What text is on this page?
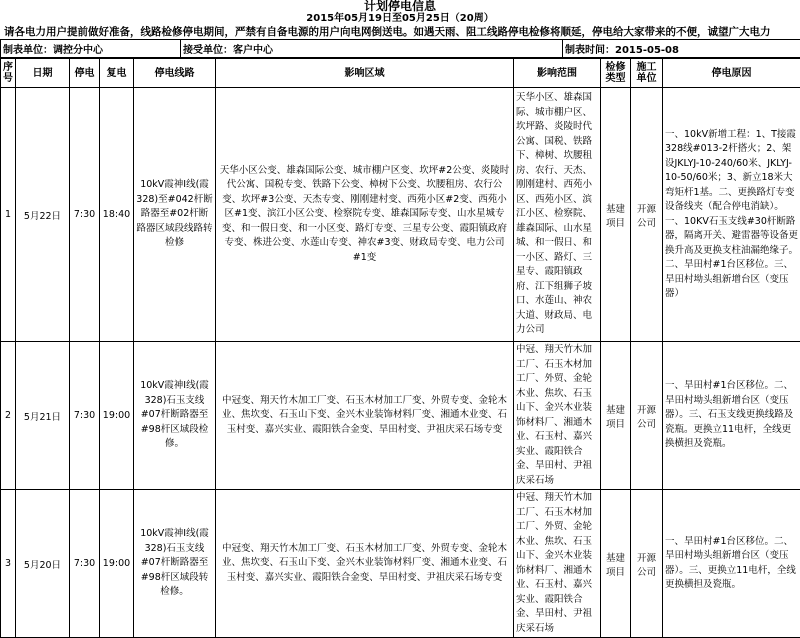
计划停电信息
2015年05月19日至05月25日（20周）
请各电力用户提前做好准备，线路检修停电期间，严禁有自备电源的用户向电网倒送电。如遇天雨、阻工线路停电检修将顺延，停电给大家带来的不便，诚望广大电力
制表单位：调控分中心	接受单位：客户中心	制表时间：2015-05-08
序号	日期	停电	复电	停电线路	影响区域	影响范围	检修类型	施工单位	停电原因
1	5月22日	7:30	18:40	10kV霞神I线(霞328)至#042杆断路器至#02杆断路器区域段线路转检修	天华小区公变、雄森国际公变、城市棚户区变、坎坪#2公变、炎陵时代公寓、国税专变、铁路下公变、樟树下公变、坎腰租房、农行公变、坎坪#3公变、天杰专变、刚刚建村变、西苑小区#2变、西苑小区#1变、滨江小区公变、检察院专变、雄森国际专变、山水星城专变、和一假日变、和一小区变、路灯专变、三星专公变、霞阳镇政府专变、株进公变、水莲山专变、神农#3变、财政局专变、电力公司#1变	天华小区、雄森国际、城市棚户区、坎坪路、炎陵时代公寓、国税、铁路下、樟树、坎腰租房、农行、天杰、刚刚建村、西苑小区、西苑小区、滨江小区、检察院、雄森国际、山水星城、和一假日、和一小区、路灯、三星专、霞阳镇政府、江下组狮子坡口、水莲山、神农大道、财政局、电力公司	基建项目	开源公司	一、10kV新增工程：1、T接霞328线#013-2杆搭火；2、架设JKLYJ-10-240/60米、JKLYJ-10-50/60米；3、新立18米大弯矩杆1基。二、更换路灯专变设备线夹（配合停电消缺）。一、10KV石玉支线#30杆断路器，隔离开关、避雷器等设备更换升高及更换支柱油漏绝缘子。二、旱田村#1台区移位。三、旱田村坳头组新增台区（变压器）
2	5月21日	7:30	19:00	10kV霞神I线(霞328)石玉支线#07杆断路器至#98杆区域段检修。	中冠变、翔天竹木加工厂变、石玉木材加工厂变、外贸专变、金轮木业、焦坎变、石玉山下变、金兴木业装饰材料厂变、湘通木业变、石玉村变、嘉兴实业、霞阳铁合金变、旱田村变、尹祖庆采石场专变	中冠、翔天竹木加工厂、石玉木材加工厂、外贸、金轮木业、焦坎、石玉山下、金兴木业装饰材料厂、湘通木业、石玉村、嘉兴实业、霞阳铁合金、旱田村、尹祖庆采石场	基建项目	开源公司	一、旱田村#1台区移位。二、旱田村坳头组新增台区（变压器）。三、石玉支线更换线路及瓷瓶。更换立11电杆，全线更换横担及瓷瓶。
3	5月20日	7:30	19:00	10kV霞神I线(霞328)石玉支线#07杆断路器至#98杆区域段转检修。	中冠变、翔天竹木加工厂变、石玉木材加工厂变、外贸专变、金轮木业、焦坎变、石玉山下变、金兴木业装饰材料厂变、湘通木业变、石玉村变、嘉兴实业、霞阳铁合金变、旱田村变、尹祖庆采石场专变	中冠、翔天竹木加工厂、石玉木材加工厂、外贸、金轮木业、焦坎、石玉山下、金兴木业装饰材料厂、湘通木业、石玉村、嘉兴实业、霞阳铁合金、旱田村、尹祖庆采石场	基建项目	开源公司	一、旱田村#1台区移位。二、旱田村坳头组新增台区（变压器）。三、更换立11电杆，全线更换横担及瓷瓶。
